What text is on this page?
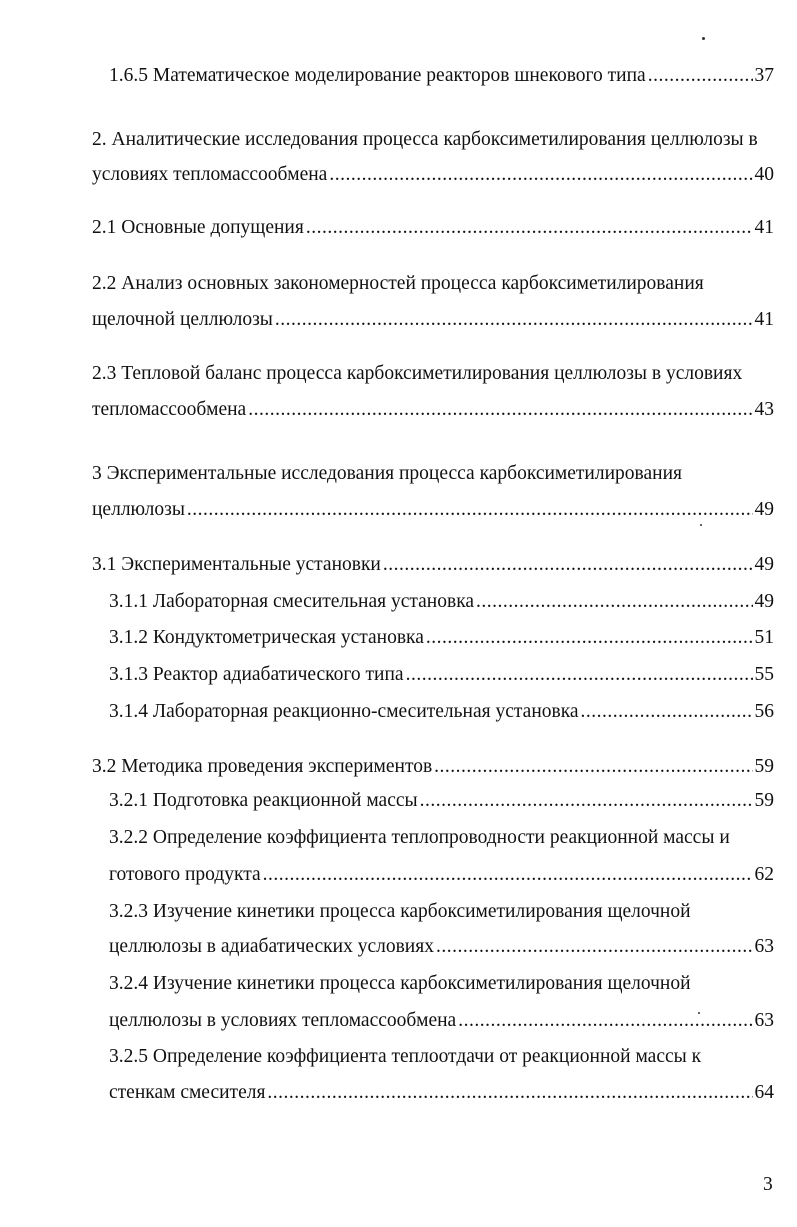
1.6.5 Математическое моделирование реакторов шнекового типа .....	37
2. Аналитические исследования процесса карбоксиметилирования целлюлозы в
условиях тепломассообмена .....	40
2.1 Основные допущения .....	41
2.2 Анализ основных закономерностей процесса карбоксиметилирования
щелочной целлюлозы .....	41
2.3 Тепловой баланс процесса карбоксиметилирования целлюлозы в условиях
тепломассообмена .....	43
3 Экспериментальные исследования процесса карбоксиметилирования
целлюлозы .....	49
3.1 Экспериментальные установки .....	49
3.1.1 Лабораторная смесительная установка .....	49
3.1.2 Кондуктометрическая установка .....	51
3.1.3 Реактор адиабатического типа .....	55
3.1.4 Лабораторная реакционно-смесительная установка .....	56
3.2 Методика проведения экспериментов .....	59
3.2.1 Подготовка реакционной массы .....	59
3.2.2 Определение коэффициента теплопроводности реакционной массы и
готового продукта .....	62
3.2.3 Изучение кинетики процесса карбоксиметилирования щелочной
целлюлозы в адиабатических условиях .....	63
3.2.4 Изучение кинетики процесса карбоксиметилирования щелочной
целлюлозы в условиях тепломассообмена .....	63
3.2.5 Определение коэффициента теплоотдачи от реакционной массы к
стенкам смесителя .....	64
3
